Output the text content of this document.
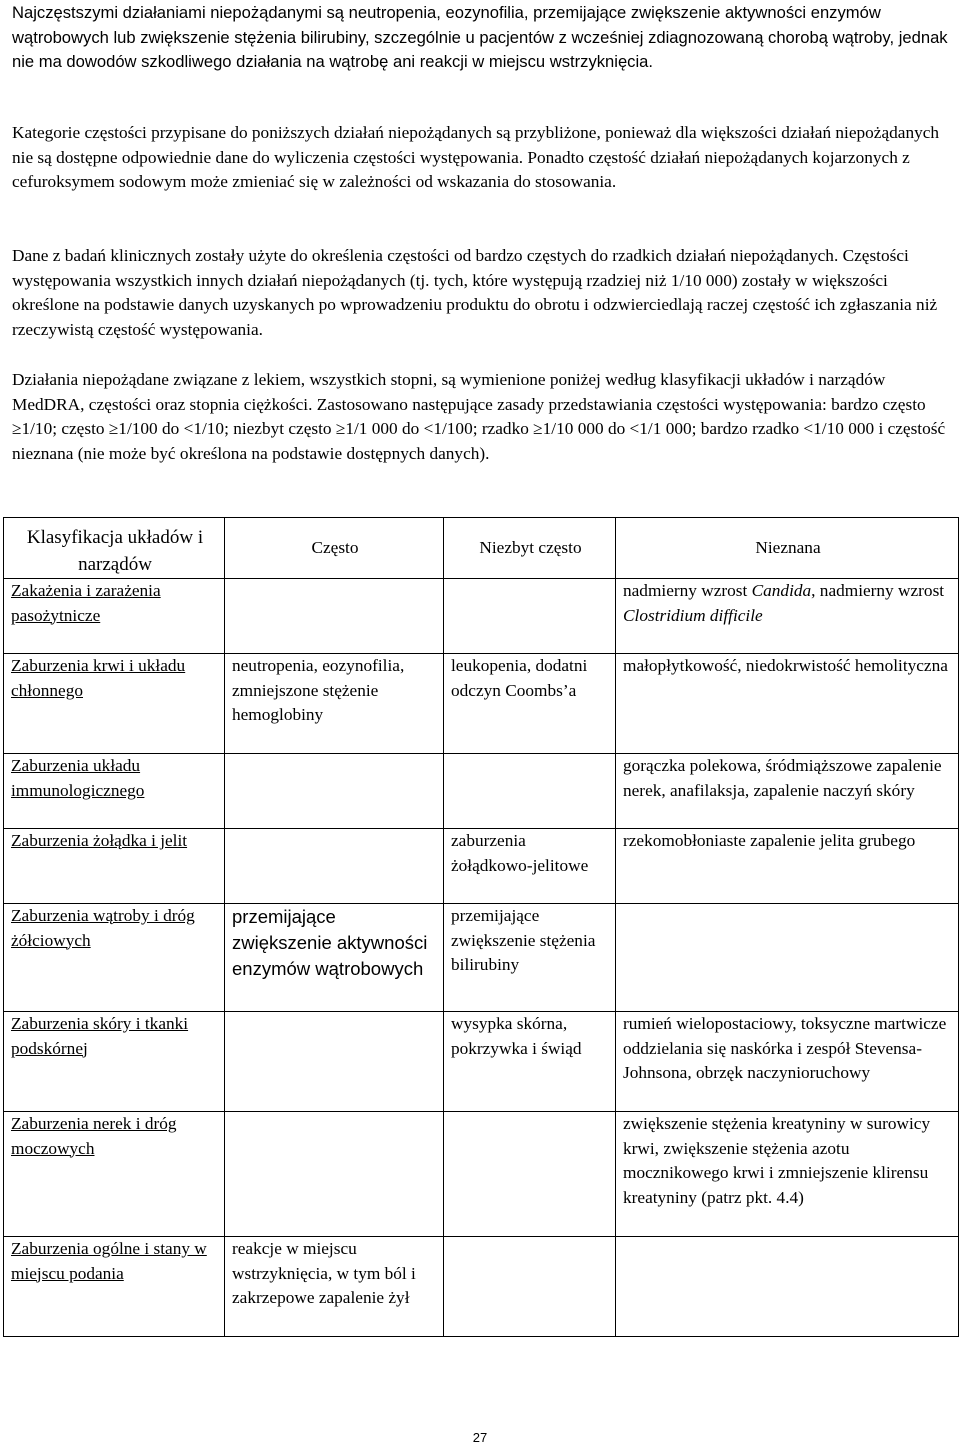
Najczęstszymi działaniami niepożądanymi są neutropenia, eozynofilia, przemijające zwiększenie aktywności enzymów wątrobowych lub zwiększenie stężenia bilirubiny, szczególnie u pacjentów z wcześniej zdiagnozowaną chorobą wątroby, jednak nie ma dowodów szkodliwego działania na wątrobę ani reakcji w miejscu wstrzyknięcia.

Kategorie częstości przypisane do poniższych działań niepożądanych są przybliżone, ponieważ dla większości działań niepożądanych nie są dostępne odpowiednie dane do wyliczenia częstości występowania. Ponadto częstość działań niepożądanych kojarzonych z cefuroksymem sodowym może zmieniać się w zależności od wskazania do stosowania.

Dane z badań klinicznych zostały użyte do określenia częstości od bardzo częstych do rzadkich działań niepożądanych. Częstości występowania wszystkich innych działań niepożądanych (tj. tych, które występują rzadziej niż 1/10 000) zostały w większości określone na podstawie danych uzyskanych po wprowadzeniu produktu do obrotu i odzwierciedlają raczej częstość ich zgłaszania niż rzeczywistą częstość występowania.

Działania niepożądane związane z lekiem, wszystkich stopni, są wymienione poniżej według klasyfikacji układów i narządów MedDRA, częstości oraz stopnia ciężkości. Zastosowano następujące zasady przedstawiania częstości występowania: bardzo często ≥1/10; często ≥1/100 do <1/10; niezbyt często ≥1/1 000 do <1/100; rzadko ≥1/10 000 do <1/1 000; bardzo rzadko <1/10 000 i częstość nieznana (nie może być określona na podstawie dostępnych danych).

Klasyfikacja układów i narządów	Często	Niezbyt często	Nieznana
Zakażenia i zarażenia pasożytnicze			nadmierny wzrost Candida, nadmierny wzrost Clostridium difficile
Zaburzenia krwi i układu chłonnego	neutropenia, eozynofilia, zmniejszone stężenie hemoglobiny	leukopenia, dodatni odczyn Coombs’a	małopłytkowość, niedokrwistość hemolityczna
Zaburzenia układu immunologicznego			gorączka polekowa, śródmiąższowe zapalenie nerek, anafilaksja, zapalenie naczyń skóry
Zaburzenia żołądka i jelit		zaburzenia żołądkowo-jelitowe	rzekomobłoniaste zapalenie jelita grubego
Zaburzenia wątroby i dróg żółciowych	przemijające zwiększenie aktywności enzymów wątrobowych	przemijające zwiększenie stężenia bilirubiny	
Zaburzenia skóry i tkanki podskórnej		wysypka skórna, pokrzywka i świąd	rumień wielopostaciowy, toksyczne martwicze oddzielania się naskórka i zespół Stevensa-Johnsona, obrzęk naczynioruchowy
Zaburzenia nerek i dróg moczowych			zwiększenie stężenia kreatyniny w surowicy krwi, zwiększenie stężenia azotu mocznikowego krwi i zmniejszenie klirensu kreatyniny (patrz pkt. 4.4)
Zaburzenia ogólne i stany w miejscu podania	reakcje w miejscu wstrzyknięcia, w tym ból i zakrzepowe zapalenie żył		
27
